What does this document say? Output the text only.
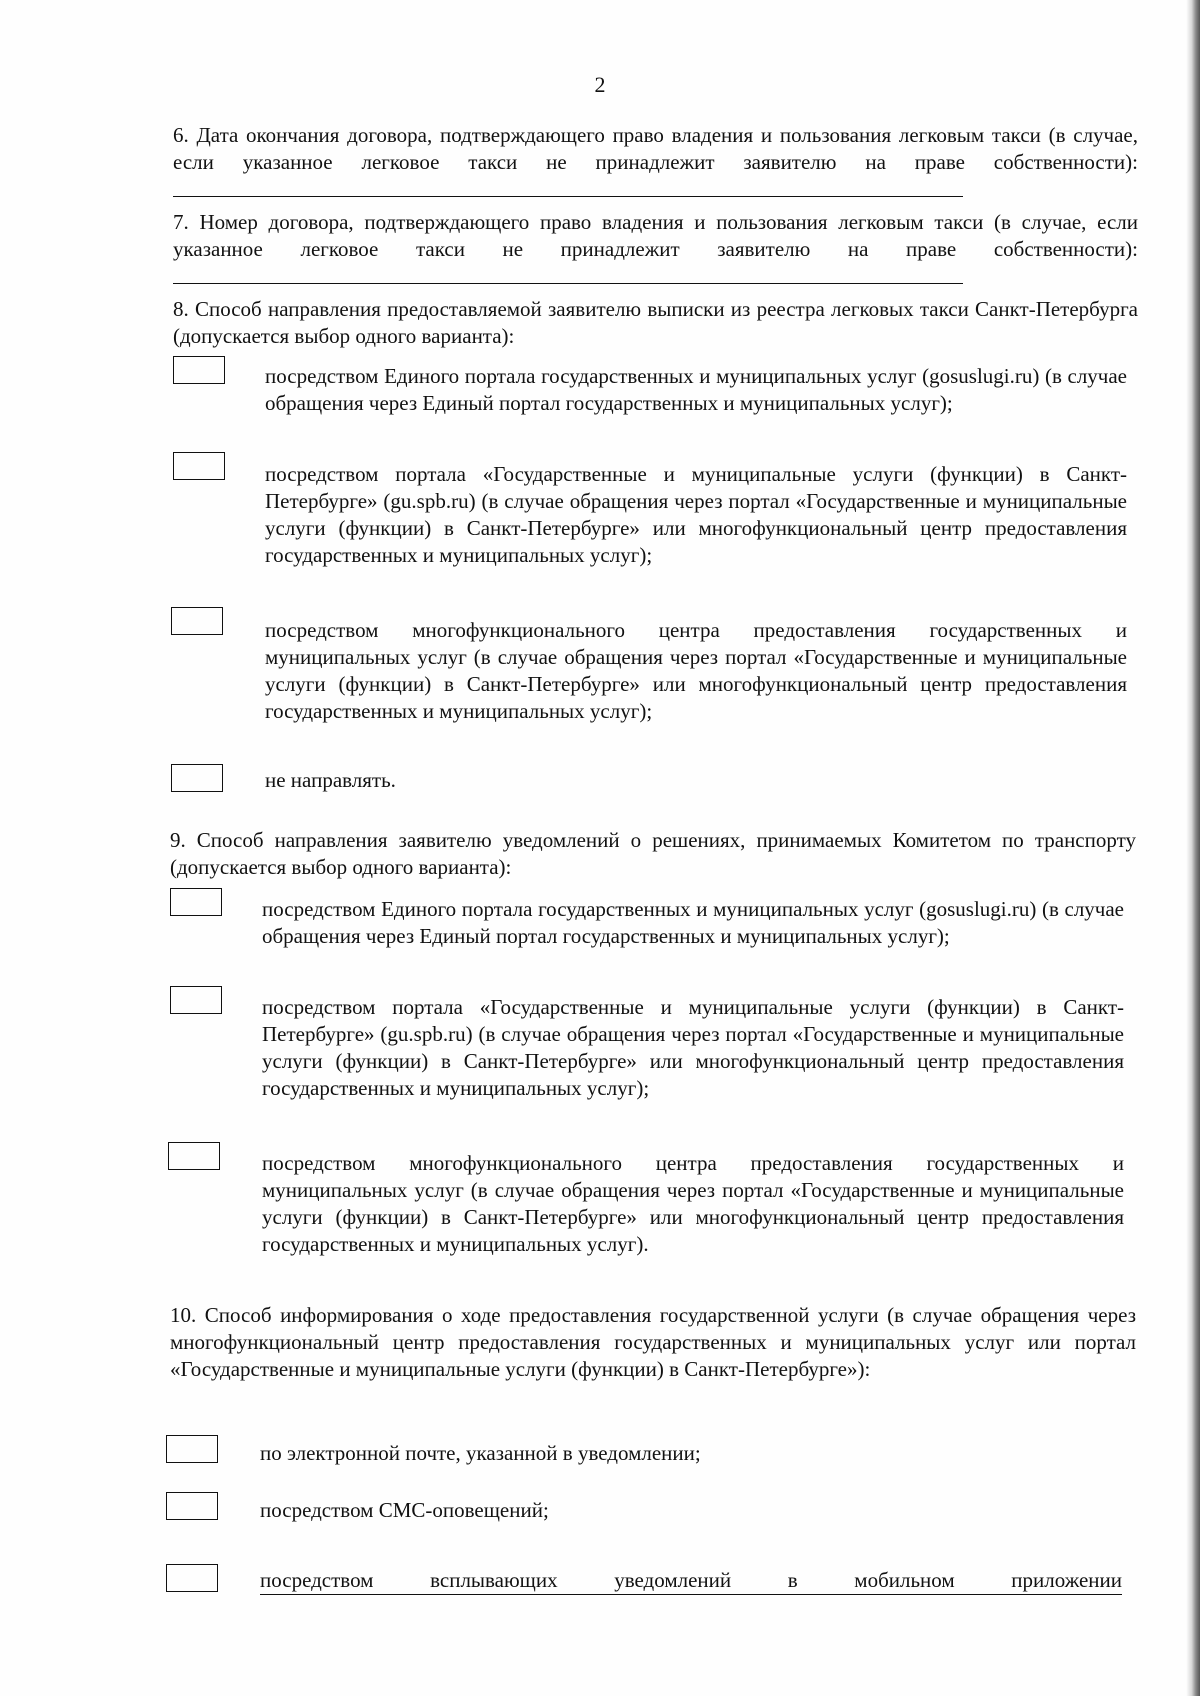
2
6. Дата окончания договора, подтверждающего право владения и пользования легковым такси (в случае, если указанное легковое такси не принадлежит заявителю на праве собственности):
7. Номер договора, подтверждающего право владения и пользования легковым такси (в случае, если указанное легковое такси не принадлежит заявителю на праве собственности):
8. Способ направления предоставляемой заявителю выписки из реестра легковых такси Санкт-Петербурга (допускается выбор одного варианта):
посредством Единого портала государственных и муниципальных услуг (gosuslugi.ru) (в случае обращения через Единый портал государственных и муниципальных услуг);
посредством портала «Государственные и муниципальные услуги (функции) в Санкт-Петербурге» (gu.spb.ru) (в случае обращения через портал «Государственные и муниципальные услуги (функции) в Санкт-Петербурге» или многофункциональный центр предоставления государственных и муниципальных услуг);
посредством многофункционального центра предоставления государственных и муниципальных услуг (в случае обращения через портал «Государственные и муниципальные услуги (функции) в Санкт-Петербурге» или многофункциональный центр предоставления государственных и муниципальных услуг);
не направлять.
9. Способ направления заявителю уведомлений о решениях, принимаемых Комитетом по транспорту (допускается выбор одного варианта):
посредством Единого портала государственных и муниципальных услуг (gosuslugi.ru) (в случае обращения через Единый портал государственных и муниципальных услуг);
посредством портала «Государственные и муниципальные услуги (функции) в Санкт-Петербурге» (gu.spb.ru) (в случае обращения через портал «Государственные и муниципальные услуги (функции) в Санкт-Петербурге» или многофункциональный центр предоставления государственных и муниципальных услуг);
посредством многофункционального центра предоставления государственных и муниципальных услуг (в случае обращения через портал «Государственные и муниципальные услуги (функции) в Санкт-Петербурге» или многофункциональный центр предоставления государственных и муниципальных услуг).
10. Способ информирования о ходе предоставления государственной услуги (в случае обращения через многофункциональный центр предоставления государственных и муниципальных услуг или портал «Государственные и муниципальные услуги (функции) в Санкт-Петербурге»):
по электронной почте, указанной в уведомлении;
посредством СМС-оповещений;
посредством	всплывающих	уведомлений	в	мобильном	приложении
